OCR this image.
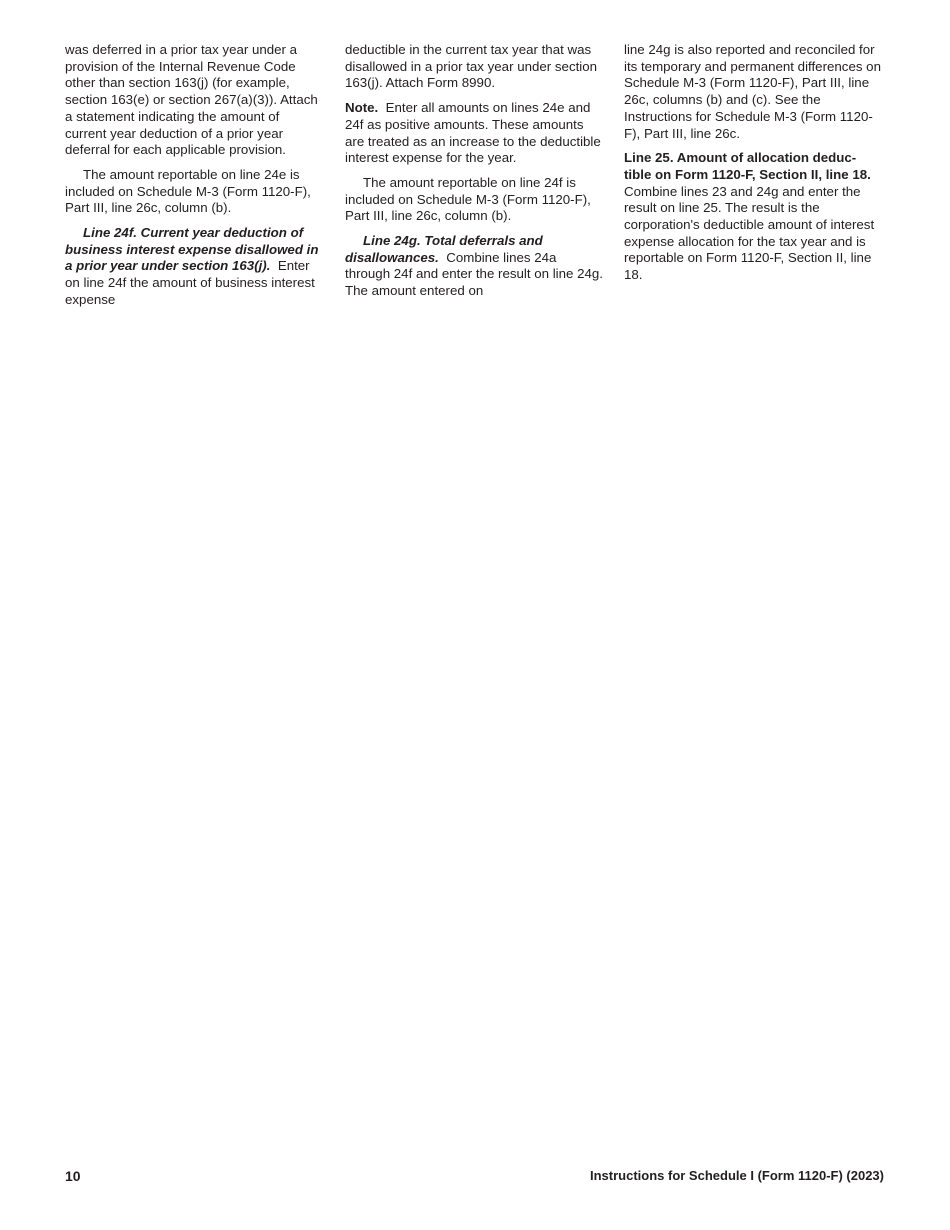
was deferred in a prior tax year under a provision of the Internal Revenue Code other than section 163(j) (for example, section 163(e) or section 267(a)(3)). Attach a statement indicating the amount of current year deduction of a prior year deferral for each applicable provision.

The amount reportable on line 24e is included on Schedule M-3 (Form 1120-F), Part III, line 26c, column (b).

Line 24f. Current year deduction of business interest expense disallowed in a prior year under section 163(j). Enter on line 24f the amount of business interest expense

deductible in the current tax year that was disallowed in a prior tax year under section 163(j). Attach Form 8990.

Note. Enter all amounts on lines 24e and 24f as positive amounts. These amounts are treated as an increase to the deductible interest expense for the year.

The amount reportable on line 24f is included on Schedule M-3 (Form 1120-F), Part III, line 26c, column (b).

Line 24g. Total deferrals and disallowances. Combine lines 24a through 24f and enter the result on line 24g. The amount entered on

line 24g is also reported and reconciled for its temporary and permanent differences on Schedule M-3 (Form 1120-F), Part III, line 26c, columns (b) and (c). See the Instructions for Schedule M-3 (Form 1120-F), Part III, line 26c.

Line 25. Amount of allocation deduc-tible on Form 1120-F, Section II, line 18.  Combine lines 23 and 24g and enter the result on line 25. The result is the corporation's deductible amount of interest expense allocation for the tax year and is reportable on Form 1120-F, Section II, line 18.

10	Instructions for Schedule I (Form 1120-F) (2023)
